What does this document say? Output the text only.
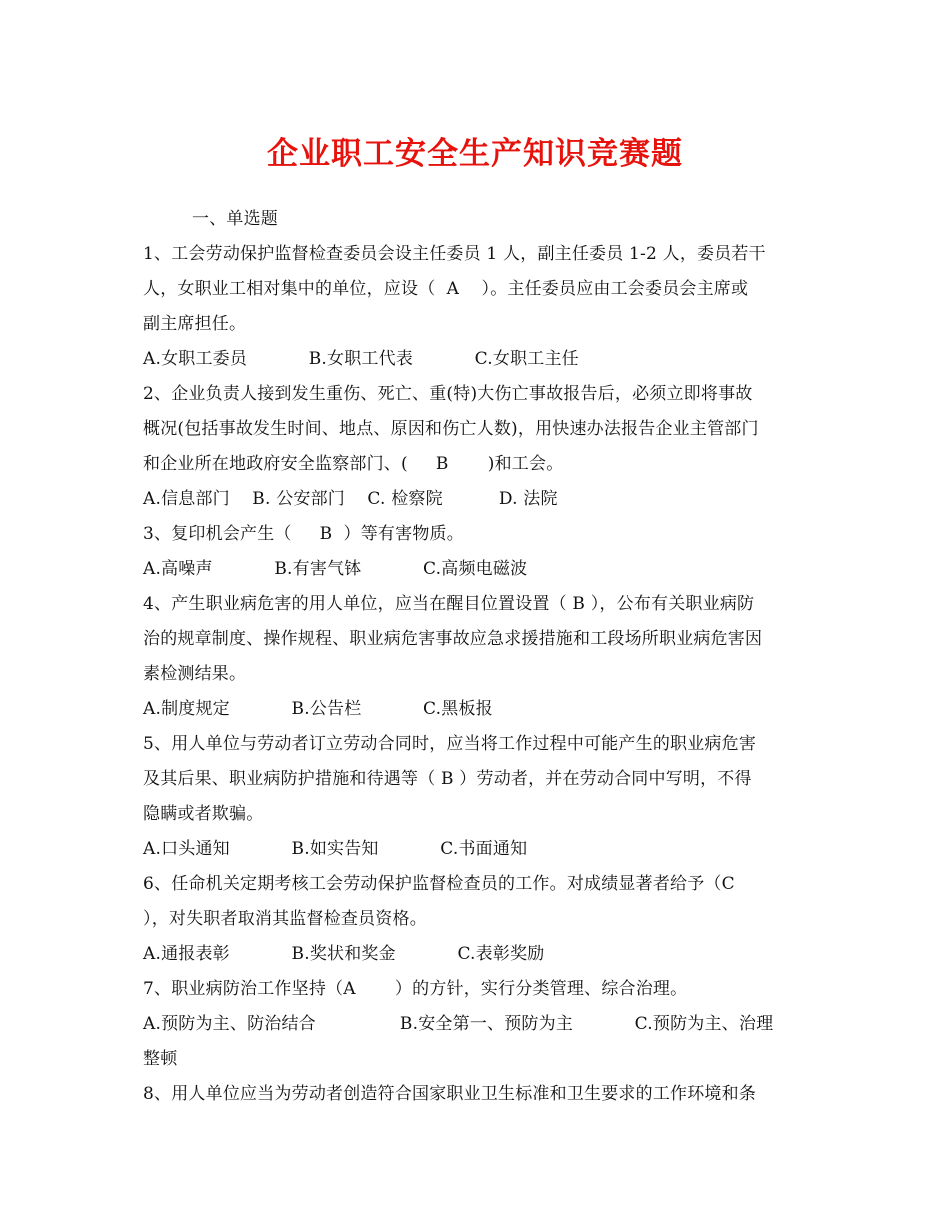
企业职工安全生产知识竞赛题
一、单选题
1、工会劳动保护监督检查委员会设主任委员 1 人，副主任委员 1-2 人，委员若干
人，女职业工相对集中的单位，应设（  A    ）。主任委员应由工会委员会主席或
副主席担任。
A.女职工委员           B.女职工代表           C.女职工主任
2、企业负责人接到发生重伤、死亡、重(特)大伤亡事故报告后，必须立即将事故
概况(包括事故发生时间、地点、原因和伤亡人数)，用快速办法报告企业主管部门
和企业所在地政府安全监察部门、(     B       )和工会。
A.信息部门    B. 公安部门    C. 检察院          D. 法院
3、复印机会产生（     B  ）等有害物质。
A.高噪声           B.有害气钵           C.高频电磁波
4、产生职业病危害的用人单位，应当在醒目位置设置（ B ），公布有关职业病防
治的规章制度、操作规程、职业病危害事故应急求援措施和工段场所职业病危害因
素检测结果。
A.制度规定           B.公告栏           C.黑板报
5、用人单位与劳动者订立劳动合同时，应当将工作过程中可能产生的职业病危害
及其后果、职业病防护措施和待遇等（ B ）劳动者，并在劳动合同中写明，不得
隐瞒或者欺骗。
A.口头通知           B.如实告知           C.书面通知
6、任命机关定期考核工会劳动保护监督检查员的工作。对成绩显著者给予（C
），对失职者取消其监督检查员资格。
A.通报表彰           B.奖状和奖金           C.表彰奖励
7、职业病防治工作坚持（A       ）的方针，实行分类管理、综合治理。
A.预防为主、防治结合               B.安全第一、预防为主           C.预防为主、治理
整顿
8、用人单位应当为劳动者创造符合国家职业卫生标准和卫生要求的工作环境和条
